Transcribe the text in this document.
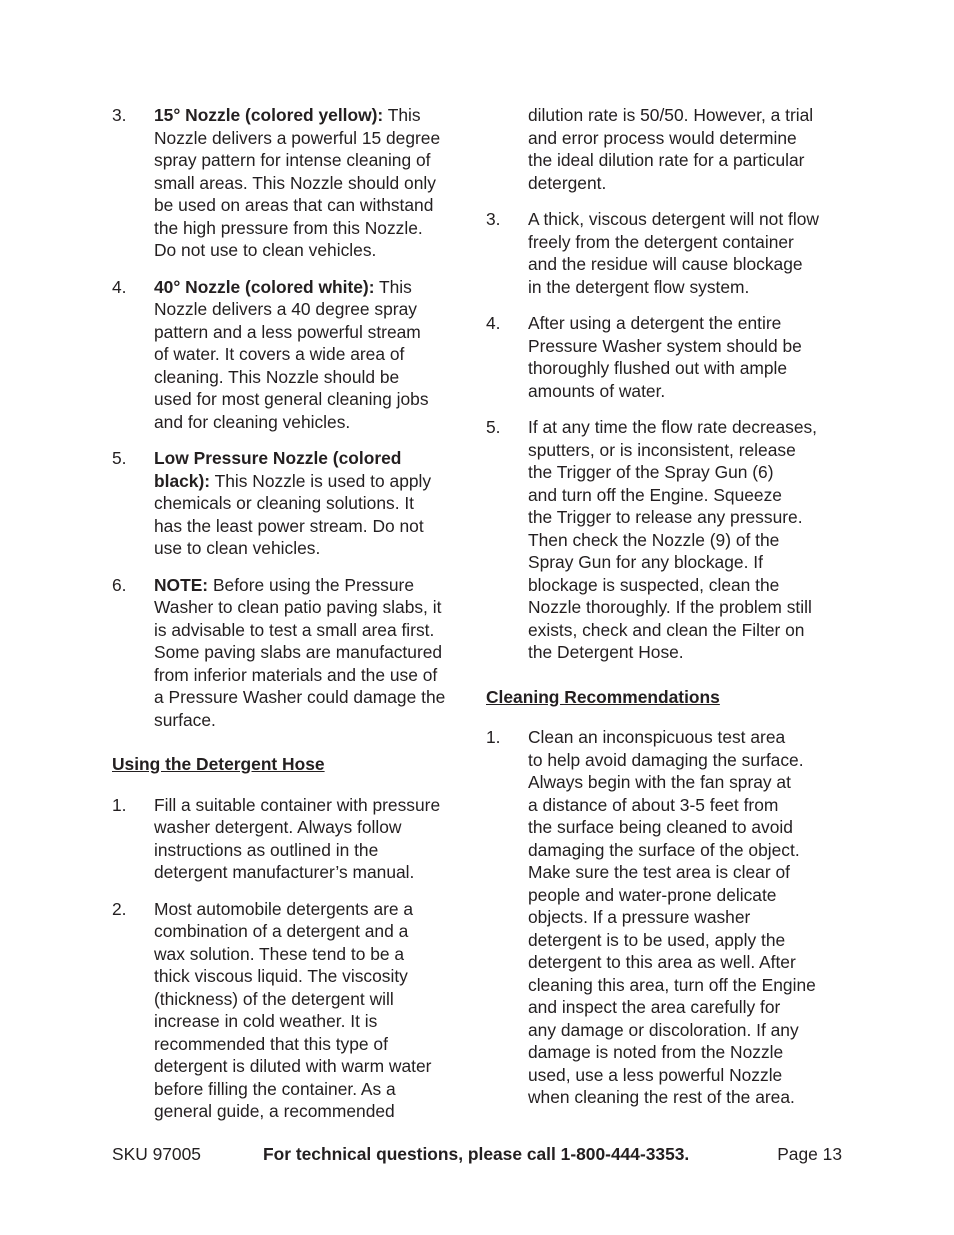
3.	15° Nozzle (colored yellow): This
Nozzle delivers a powerful 15 degree
spray pattern for intense cleaning of
small areas. This Nozzle should only
be used on areas that can withstand
the high pressure from this Nozzle.
Do not use to clean vehicles.
4.	40° Nozzle (colored white): This
Nozzle delivers a 40 degree spray
pattern and a less powerful stream
of water. It covers a wide area of
cleaning. This Nozzle should be
used for most general cleaning jobs
and for cleaning vehicles.
5.	Low Pressure Nozzle (colored
black): This Nozzle is used to apply
chemicals or cleaning solutions. It
has the least power stream. Do not
use to clean vehicles.
6.	NOTE: Before using the Pressure
Washer to clean patio paving slabs, it
is advisable to test a small area first.
Some paving slabs are manufactured
from inferior materials and the use of
a Pressure Washer could damage the
surface.
Using the Detergent Hose
1.	Fill a suitable container with pressure
washer detergent. Always follow
instructions as outlined in the
detergent manufacturer’s manual.
2.	Most automobile detergents are a
combination of a detergent and a
wax solution. These tend to be a
thick viscous liquid. The viscosity
(thickness) of the detergent will
increase in cold weather. It is
recommended that this type of
detergent is diluted with warm water
before filling the container. As a
general guide, a recommended
dilution rate is 50/50. However, a trial
and error process would determine
the ideal dilution rate for a particular
detergent.
3.	A thick, viscous detergent will not flow
freely from the detergent container
and the residue will cause blockage
in the detergent flow system.
4.	After using a detergent the entire
Pressure Washer system should be
thoroughly flushed out with ample
amounts of water.
5.	If at any time the flow rate decreases,
sputters, or is inconsistent, release
the Trigger of the Spray Gun (6)
and turn off the Engine. Squeeze
the Trigger to release any pressure.
Then check the Nozzle (9) of the
Spray Gun for any blockage. If
blockage is suspected, clean the
Nozzle thoroughly. If the problem still
exists, check and clean the Filter on
the Detergent Hose.
Cleaning Recommendations
1.	Clean an inconspicuous test area
to help avoid damaging the surface.
Always begin with the fan spray at
a distance of about 3-5 feet from
the surface being cleaned to avoid
damaging the surface of the object.
Make sure the test area is clear of
people and water-prone delicate
objects. If a pressure washer
detergent is to be used, apply the
detergent to this area as well. After
cleaning this area, turn off the Engine
and inspect the area carefully for
any damage or discoloration. If any
damage is noted from the Nozzle
used, use a less powerful Nozzle
when cleaning the rest of the area.
SKU 97005	For technical questions, please call 1-800-444-3353.	Page 13
